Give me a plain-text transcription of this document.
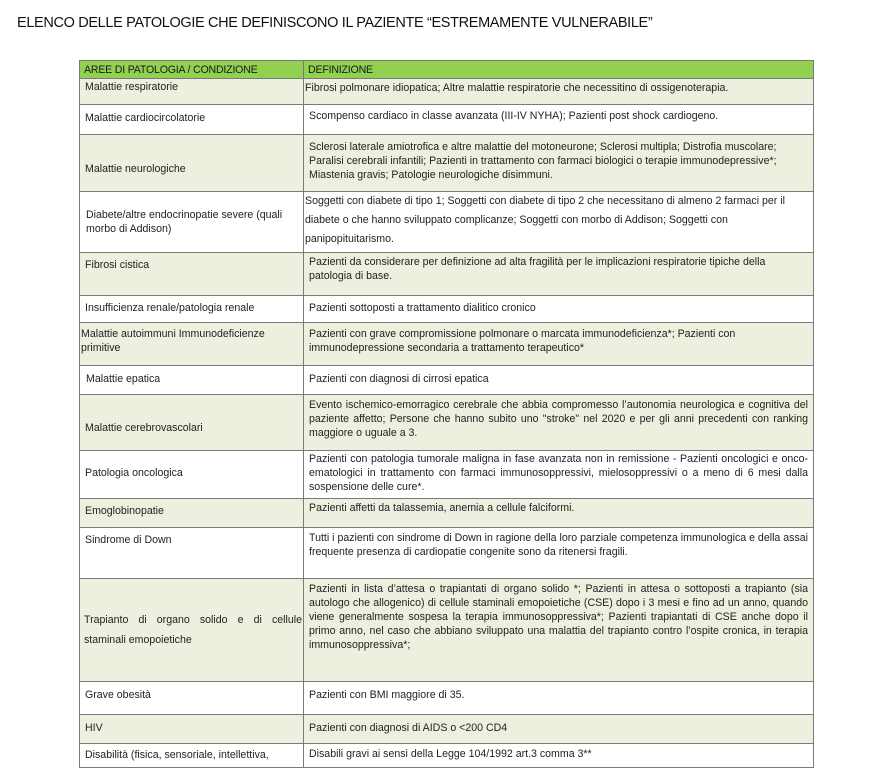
ELENCO DELLE PATOLOGIE CHE DEFINISCONO IL PAZIENTE “ESTREMAMENTE VULNERABILE”
AREE DI PATOLOGIA / CONDIZIONE	DEFINIZIONE
Malattie respiratorie	Fibrosi polmonare idiopatica; Altre malattie respiratorie che necessitino di ossigenoterapia.
Malattie cardiocircolatorie	Scompenso cardiaco in classe avanzata (III-IV NYHA); Pazienti post shock cardiogeno.
Malattie neurologiche	Sclerosi laterale amiotrofica e altre malattie del motoneurone; Sclerosi multipla; Distrofia muscolare; Paralisi cerebrali infantili; Pazienti in trattamento con farmaci biologici o terapie immunodepressive*; Miastenia gravis; Patologie neurologiche disimmuni.
Diabete/altre endocrinopatie severe (quali morbo di Addison)	Soggetti con diabete di tipo 1; Soggetti con diabete di tipo 2 che necessitano di almeno 2 farmaci per il diabete o che hanno sviluppato complicanze; Soggetti con morbo di Addison; Soggetti con panipopituitarismo.
Fibrosi cistica	Pazienti da considerare per definizione ad alta fragilità per le implicazioni respiratorie tipiche della patologia di base.
Insufficienza renale/patologia renale	Pazienti sottoposti a trattamento dialitico cronico
Malattie autoimmuni Immunodeficienze primitive	Pazienti con grave compromissione polmonare o marcata immunodeficienza*; Pazienti con immunodepressione secondaria a trattamento terapeutico*
Malattie epatica	Pazienti con diagnosi di cirrosi epatica
Malattie cerebrovascolari	Evento ischemico-emorragico cerebrale che abbia compromesso l’autonomia neurologica e cognitiva del paziente affetto; Persone che hanno subito uno "stroke" nel 2020 e per gli anni precedenti con ranking maggiore o uguale a 3.
Patologia oncologica	Pazienti con patologia tumorale maligna in fase avanzata non in remissione - Pazienti oncologici e onco-ematologici in trattamento con farmaci immunosoppressivi, mielosoppressivi o a meno di 6 mesi dalla sospensione delle cure*.
Emoglobinopatie	Pazienti affetti da talassemia, anemia a cellule falciformi.
Sindrome di Down	Tutti i pazienti con sindrome di Down in ragione della loro parziale competenza immunologica e della assai frequente presenza di cardiopatie congenite sono da ritenersi fragili.
Trapianto di organo solido e di cellule staminali emopoietiche	Pazienti in lista d’attesa o trapiantati di organo solido *; Pazienti in attesa o sottoposti a trapianto (sia autologo che allogenico) di cellule staminali emopoietiche (CSE) dopo i 3 mesi e fino ad un anno, quando viene generalmente sospesa la terapia immunosoppressiva*; Pazienti trapiantati di CSE anche dopo il primo anno, nel caso che abbiano sviluppato una malattia del trapianto contro l’ospite cronica, in terapia immunosoppressiva*;
Grave obesità	Pazienti con BMI maggiore di 35.
HIV	Pazienti con diagnosi di AIDS o <200 CD4
Disabilità (fisica, sensoriale, intellettiva,	Disabili gravi ai sensi della Legge 104/1992 art.3 comma 3**
